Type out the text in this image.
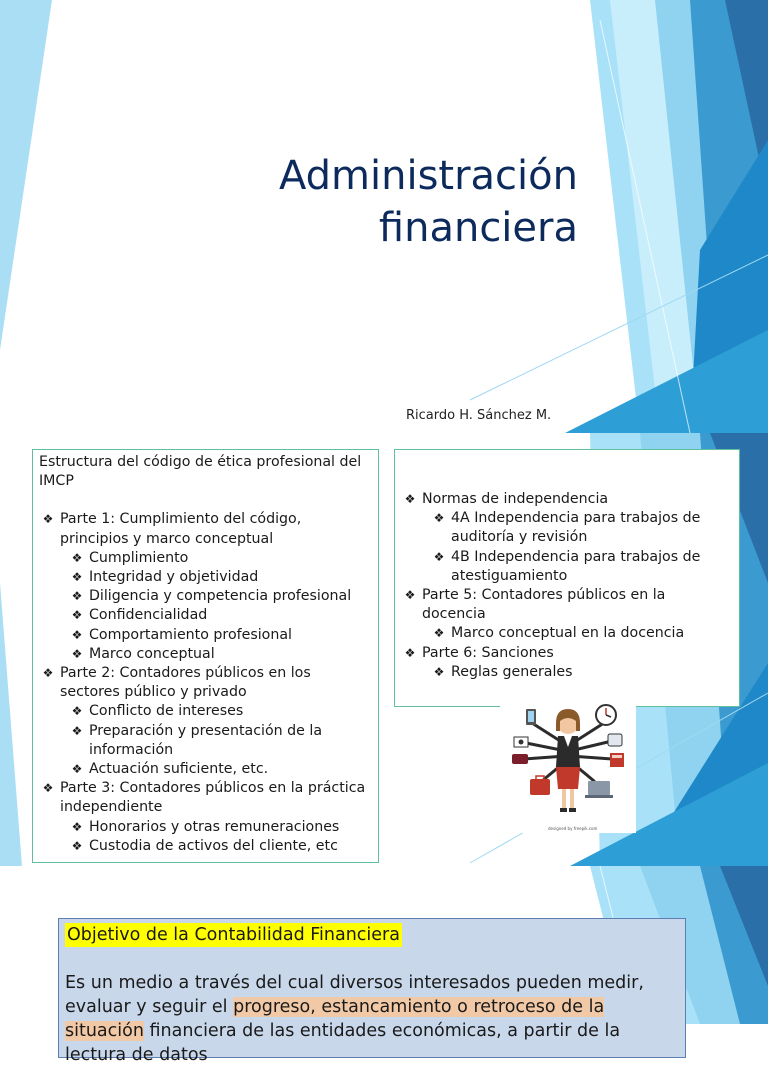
Administración
financiera
Ricardo H. Sánchez M.
Estructura del código de ética profesional del IMCP
❖ Parte 1: Cumplimiento del código, principios y marco conceptual
❖ Cumplimiento
❖ Integridad y objetividad
❖ Diligencia y competencia profesional
❖ Confidencialidad
❖ Comportamiento profesional
❖ Marco conceptual
❖ Parte 2: Contadores públicos en los sectores público y privado
❖ Conflicto de intereses
❖ Preparación y presentación de la información
❖ Actuación suficiente, etc.
❖ Parte 3: Contadores públicos en la práctica independiente
❖ Honorarios y otras remuneraciones
❖ Custodia de activos del cliente, etc
❖ Normas de independencia
❖ 4A Independencia para trabajos de auditoría y revisión
❖ 4B Independencia para trabajos de atestiguamiento
❖ Parte 5: Contadores públicos en la docencia
❖ Marco conceptual en la docencia
❖ Parte 6: Sanciones
❖ Reglas generales
designed by freepik.com
Objetivo de la Contabilidad Financiera
Es un medio a través del cual diversos interesados pueden medir, evaluar y seguir el progreso, estancamiento o retroceso de la situación financiera de las entidades económicas, a partir de la lectura de datos
